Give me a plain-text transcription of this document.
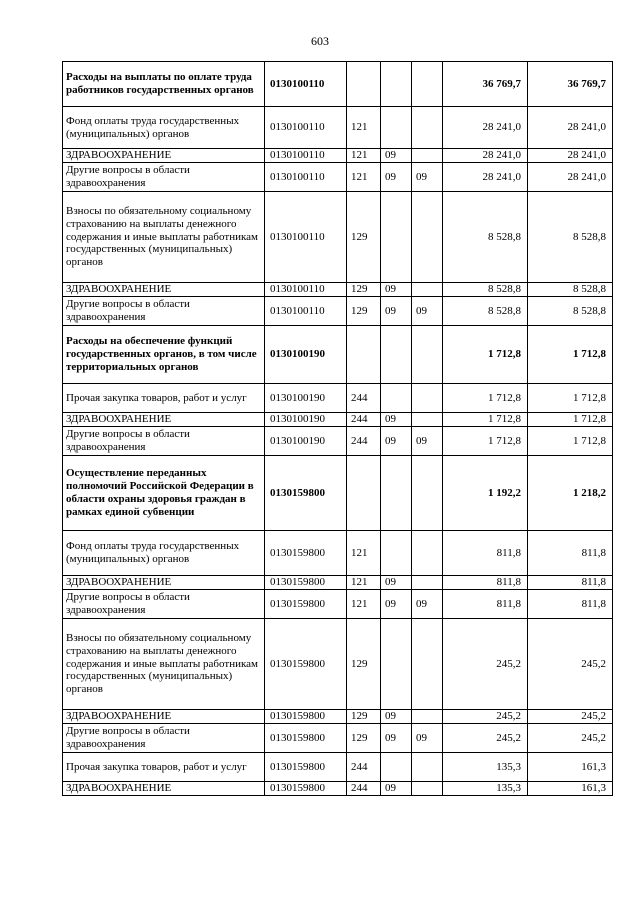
603
Расходы на выплаты по оплате труда работников государственных органов	0130100110				36 769,7	36 769,7
Фонд оплаты труда государственных (муниципальных) органов	0130100110	121			28 241,0	28 241,0
ЗДРАВООХРАНЕНИЕ	0130100110	121	09		28 241,0	28 241,0
Другие вопросы в области здравоохранения	0130100110	121	09	09	28 241,0	28 241,0
Взносы по обязательному социальному страхованию на выплаты денежного содержания и иные выплаты работникам государственных (муниципальных) органов	0130100110	129			8 528,8	8 528,8
ЗДРАВООХРАНЕНИЕ	0130100110	129	09		8 528,8	8 528,8
Другие вопросы в области здравоохранения	0130100110	129	09	09	8 528,8	8 528,8
Расходы на обеспечение функций государственных органов, в том числе территориальных органов	0130100190				1 712,8	1 712,8
Прочая закупка товаров, работ и услуг	0130100190	244			1 712,8	1 712,8
ЗДРАВООХРАНЕНИЕ	0130100190	244	09		1 712,8	1 712,8
Другие вопросы в области здравоохранения	0130100190	244	09	09	1 712,8	1 712,8
Осуществление переданных полномочий Российской Федерации в области охраны здоровья граждан в рамках единой субвенции	0130159800				1 192,2	1 218,2
Фонд оплаты труда государственных (муниципальных) органов	0130159800	121			811,8	811,8
ЗДРАВООХРАНЕНИЕ	0130159800	121	09		811,8	811,8
Другие вопросы в области здравоохранения	0130159800	121	09	09	811,8	811,8
Взносы по обязательному социальному страхованию на выплаты денежного содержания и иные выплаты работникам государственных (муниципальных) органов	0130159800	129			245,2	245,2
ЗДРАВООХРАНЕНИЕ	0130159800	129	09		245,2	245,2
Другие вопросы в области здравоохранения	0130159800	129	09	09	245,2	245,2
Прочая закупка товаров, работ и услуг	0130159800	244			135,3	161,3
ЗДРАВООХРАНЕНИЕ	0130159800	244	09		135,3	161,3
